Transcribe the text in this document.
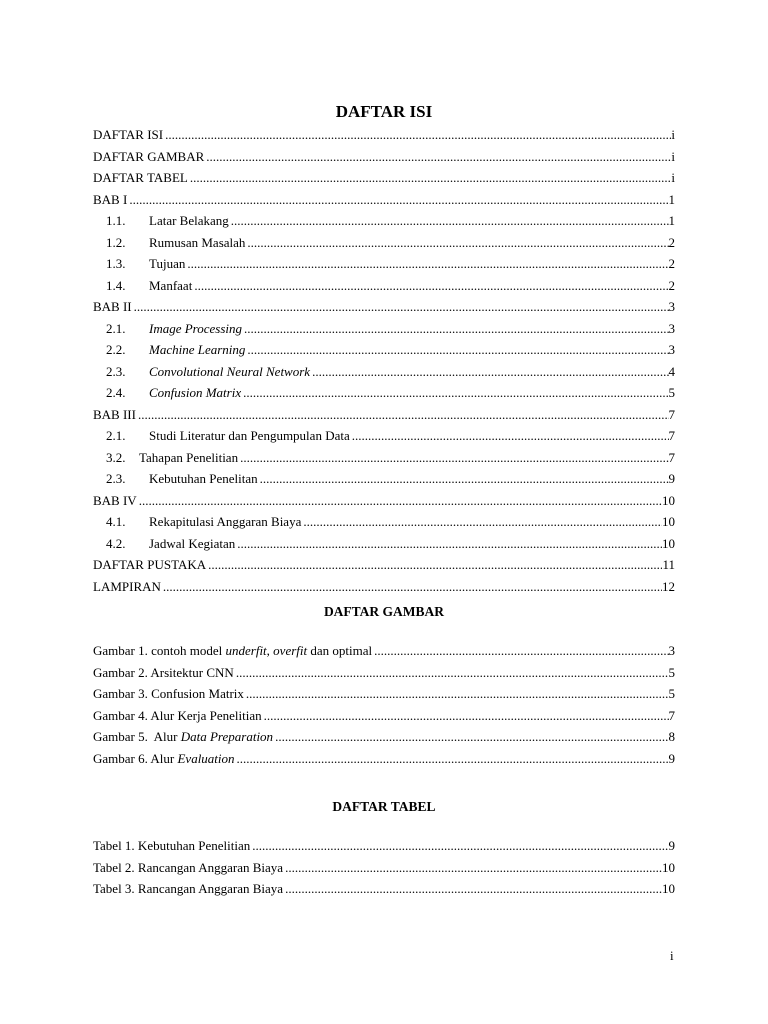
DAFTAR ISI
DAFTAR ISI .....	i
DAFTAR GAMBAR .....	i
DAFTAR TABEL .....	i
BAB I .....	1
1.1.	Latar Belakang .....	1
1.2.	Rumusan Masalah .....	2
1.3.	Tujuan .....	2
1.4.	Manfaat .....	2
BAB II .....	3
2.1.	Image Processing .....	3
2.2.	Machine Learning .....	3
2.3.	Convolutional Neural Network .....	4
2.4.	Confusion Matrix .....	5
BAB III .....	7
2.1.	Studi Literatur dan Pengumpulan Data .....	7
3.2.	Tahapan Penelitian .....	7
2.3.	Kebutuhan Penelitan .....	9
BAB IV .....	10
4.1.	Rekapitulasi Anggaran Biaya .....	10
4.2.	Jadwal Kegiatan .....	10
DAFTAR PUSTAKA .....	11
LAMPIRAN .....	12
DAFTAR GAMBAR
Gambar 1. contoh model underfit, overfit dan optimal .....	3
Gambar 2. Arsitektur CNN .....	5
Gambar 3. Confusion Matrix .....	5
Gambar 4. Alur Kerja Penelitian .....	7
Gambar 5.  Alur Data Preparation .....	8
Gambar 6. Alur Evaluation .....	9
DAFTAR TABEL
Tabel 1. Kebutuhan Penelitian .....	9
Tabel 2. Rancangan Anggaran Biaya .....	10
Tabel 3. Rancangan Anggaran Biaya .....	10
i
